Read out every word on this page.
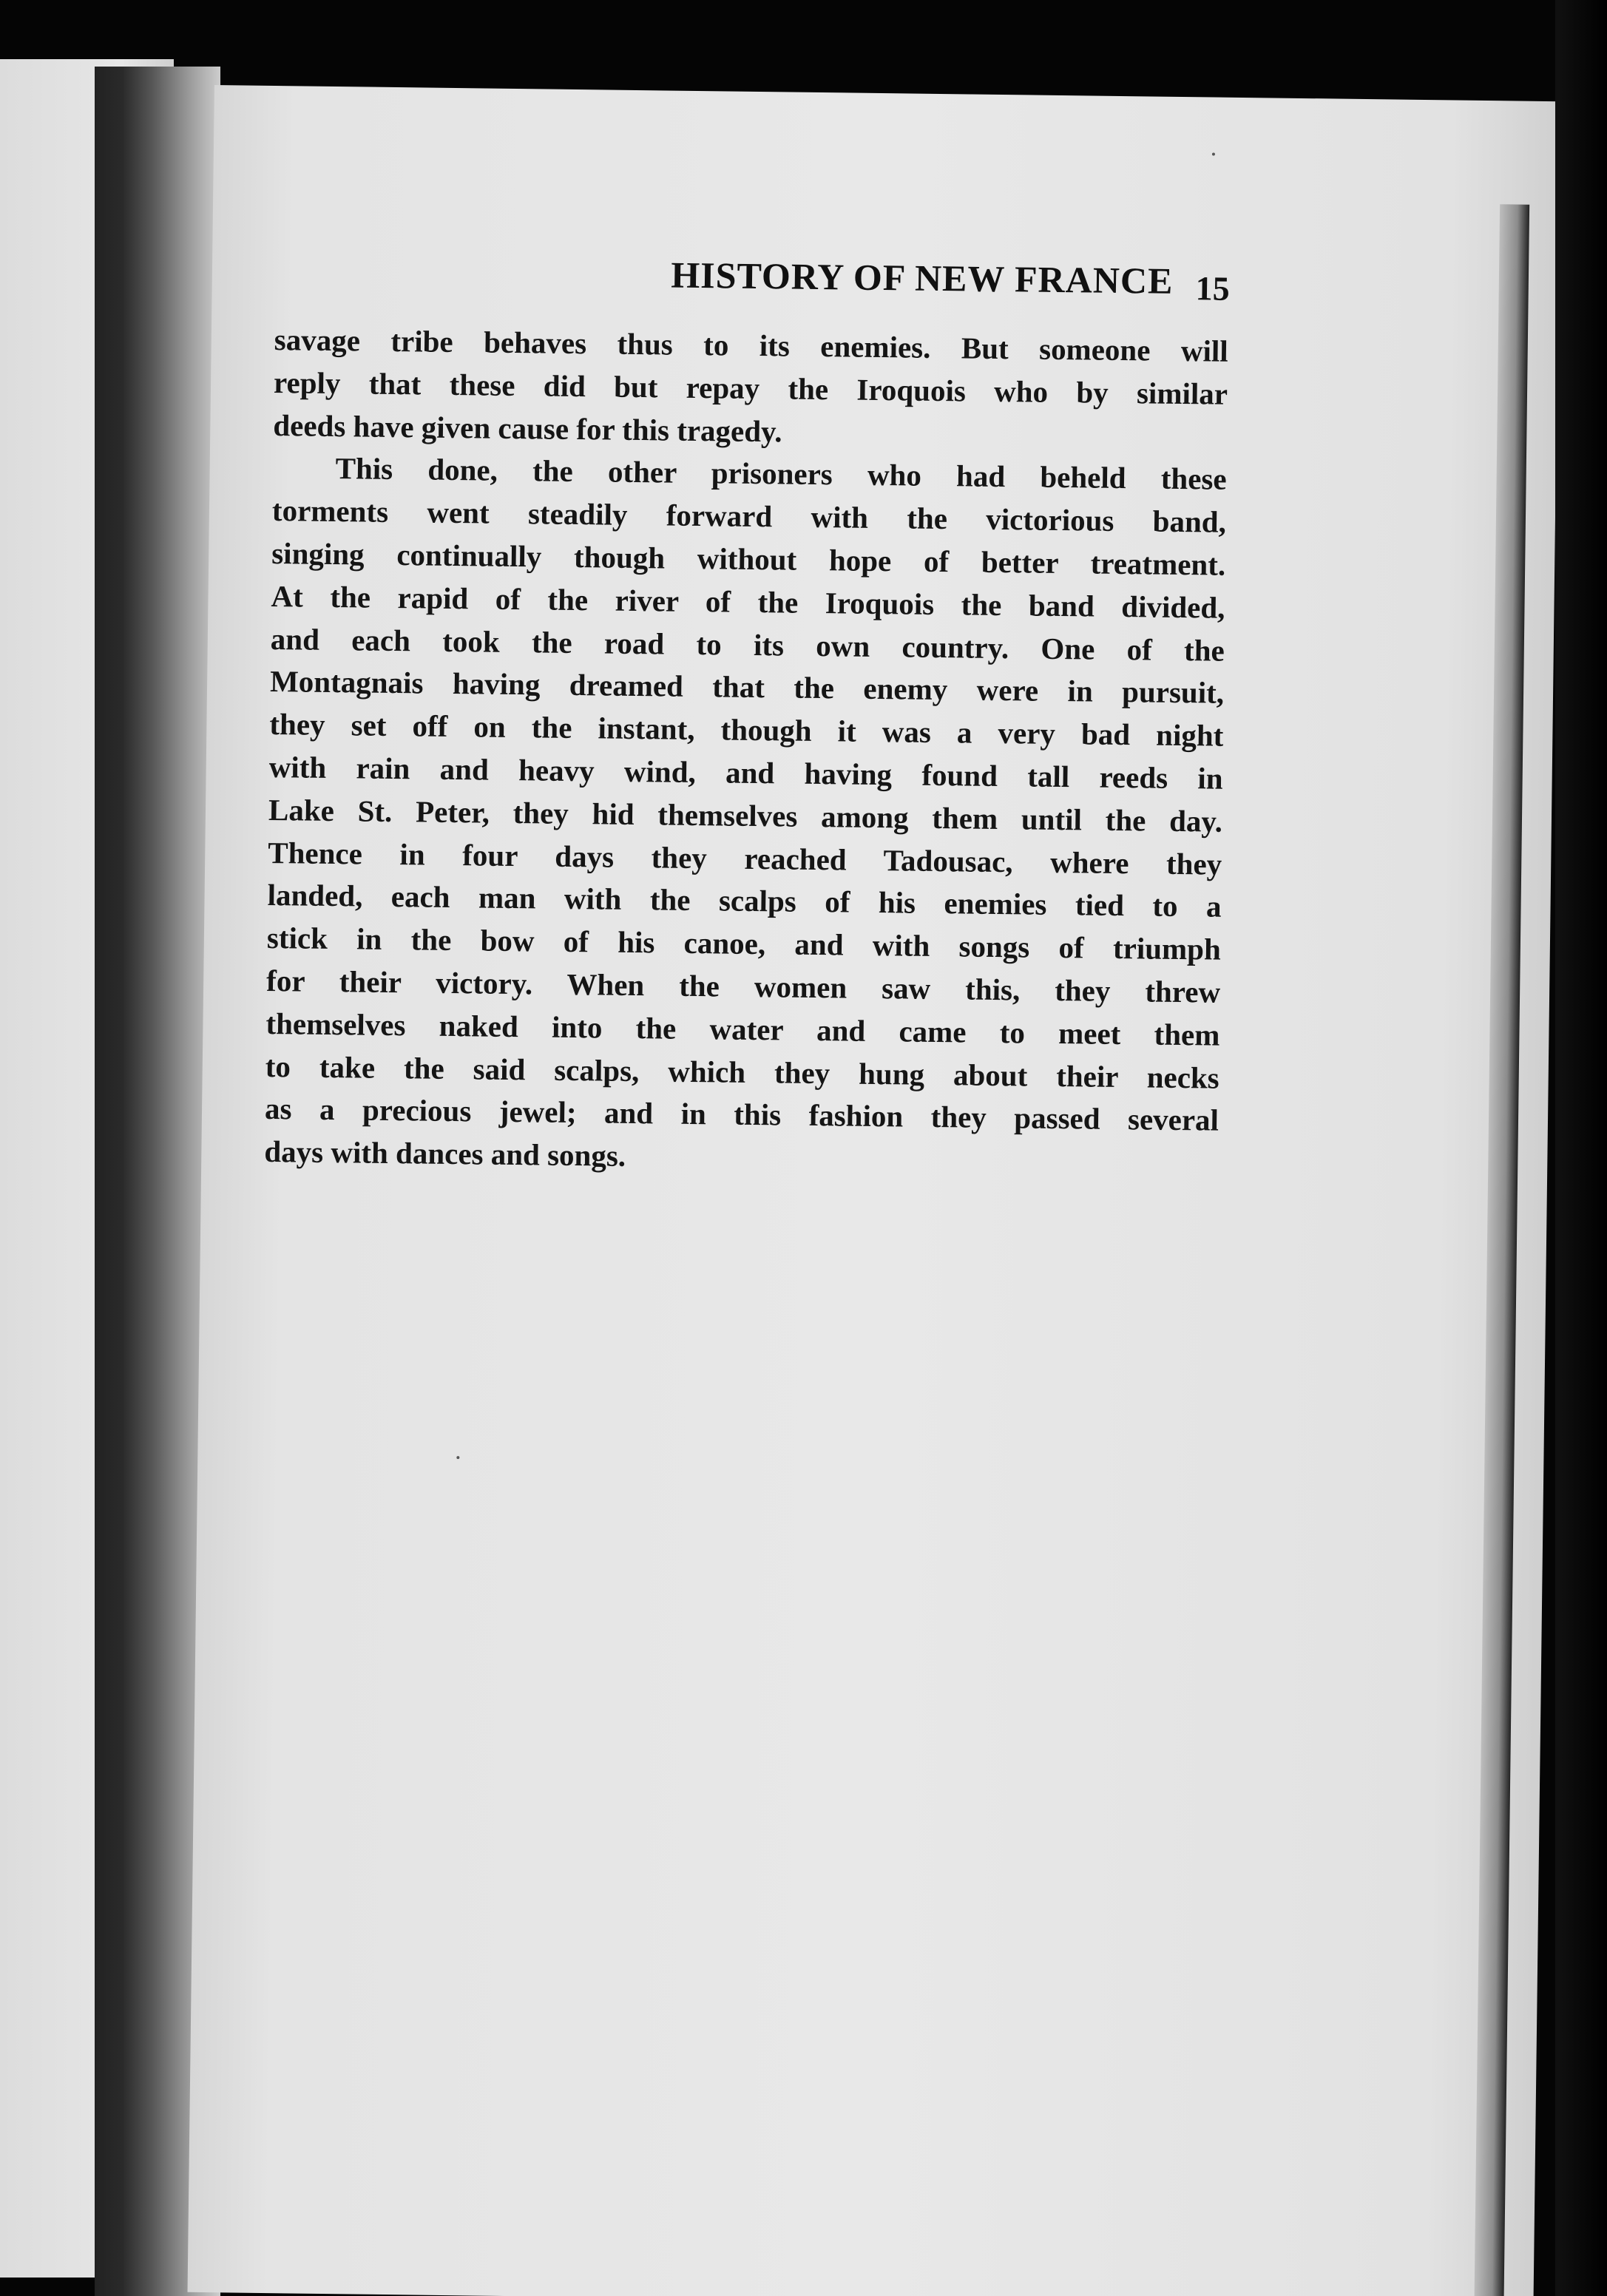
HISTORY OF NEW FRANCE 15
savage tribe behaves thus to its enemies. But someone will
reply that these did but repay the Iroquois who by similar
deeds have given cause for this tragedy.
This done, the other prisoners who had beheld these
torments went steadily forward with the victorious band,
singing continually though without hope of better treatment.
At the rapid of the river of the Iroquois the band divided,
and each took the road to its own country. One of the
Montagnais having dreamed that the enemy were in pursuit,
they set off on the instant, though it was a very bad night
with rain and heavy wind, and having found tall reeds in
Lake St. Peter, they hid themselves among them until the day.
Thence in four days they reached Tadousac, where they
landed, each man with the scalps of his enemies tied to a
stick in the bow of his canoe, and with songs of triumph
for their victory. When the women saw this, they threw
themselves naked into the water and came to meet them
to take the said scalps, which they hung about their necks
as a precious jewel; and in this fashion they passed several
days with dances and songs.
